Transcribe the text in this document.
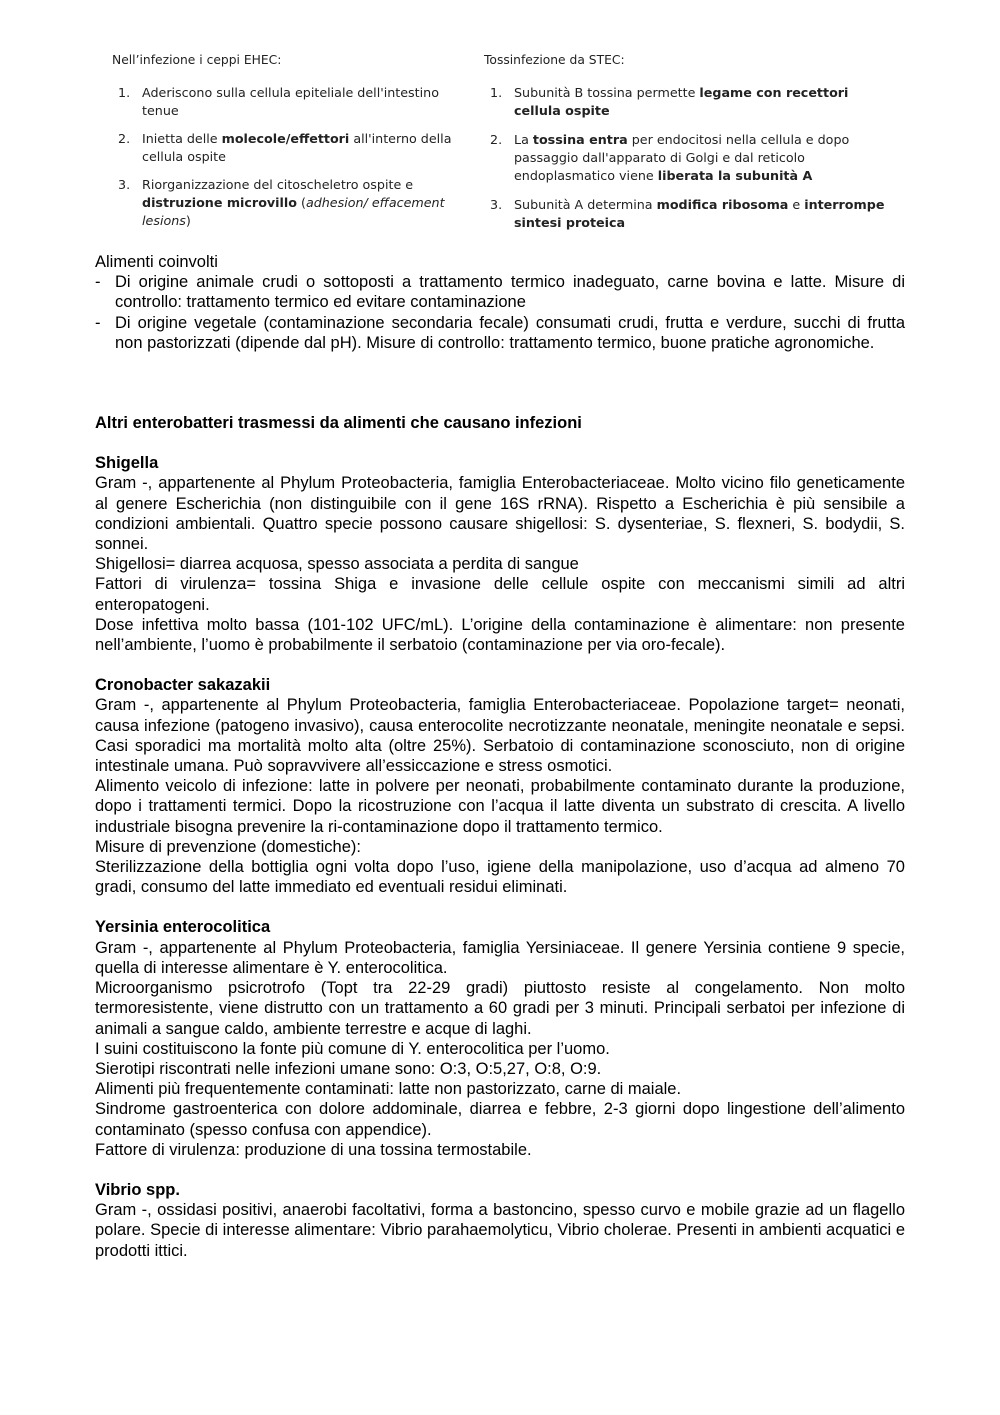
Nell’infezione i ceppi EHEC:

1. Aderiscono sulla cellula epiteliale dell'intestino tenue
2. Inietta delle molecole/effettori all'interno della cellula ospite
3. Riorganizzazione del citoscheletro ospite e distruzione microvillo (adhesion/ effacement lesions)

Tossinfezione da STEC:

1. Subunità B tossina permette legame con recettori cellula ospite
2. La tossina entra per endocitosi nella cellula e dopo passaggio dall'apparato di Golgi e dal reticolo endoplasmatico viene liberata la subunità A
3. Subunità A determina modifica ribosoma e interrompe sintesi proteica

Alimenti coinvolti

- Di origine animale crudi o sottoposti a trattamento termico inadeguato, carne bovina e latte. Misure di controllo: trattamento termico ed evitare contaminazione
- Di origine vegetale (contaminazione secondaria fecale) consumati crudi, frutta e verdure, succhi di frutta non pastorizzati (dipende dal pH). Misure di controllo: trattamento termico, buone pratiche agronomiche.

Altri enterobatteri trasmessi da alimenti che causano infezioni

Shigella

Gram -, appartenente al Phylum Proteobacteria, famiglia Enterobacteriaceae. Molto vicino filo geneticamente al genere Escherichia (non distinguibile con il gene 16S rRNA). Rispetto a Escherichia è più sensibile a condizioni ambientali. Quattro specie possono causare shigellosi: S. dysenteriae, S. flexneri, S. bodydii, S. sonnei.

Shigellosi= diarrea acquosa, spesso associata a perdita di sangue

Fattori di virulenza= tossina Shiga e invasione delle cellule ospite con meccanismi simili ad altri enteropatogeni.

Dose infettiva molto bassa (101-102 UFC/mL). L’origine della contaminazione è alimentare: non presente nell’ambiente, l’uomo è probabilmente il serbatoio (contaminazione per via oro-fecale).

Cronobacter sakazakii

Gram -, appartenente al Phylum Proteobacteria, famiglia Enterobacteriaceae. Popolazione target= neonati, causa infezione (patogeno invasivo), causa enterocolite necrotizzante neonatale, meningite neonatale e sepsi. Casi sporadici ma mortalità molto alta (oltre 25%). Serbatoio di contaminazione sconosciuto, non di origine intestinale umana. Può sopravvivere all’essiccazione e stress osmotici.

Alimento veicolo di infezione: latte in polvere per neonati, probabilmente contaminato durante la produzione, dopo i trattamenti termici. Dopo la ricostruzione con l’acqua il latte diventa un substrato di crescita. A livello industriale bisogna prevenire la ri-contaminazione dopo il trattamento termico.

Misure di prevenzione (domestiche):

Sterilizzazione della bottiglia ogni volta dopo l’uso, igiene della manipolazione, uso d’acqua ad almeno 70 gradi, consumo del latte immediato ed eventuali residui eliminati.

Yersinia enterocolitica

Gram -, appartenente al Phylum Proteobacteria, famiglia Yersiniaceae. Il genere Yersinia contiene 9 specie, quella di interesse alimentare è Y. enterocolitica.

Microorganismo psicrotrofo (Topt tra 22-29 gradi) piuttosto resiste al congelamento. Non molto termoresistente, viene distrutto con un trattamento a 60 gradi per 3 minuti. Principali serbatoi per infezione di animali a sangue caldo, ambiente terrestre e acque di laghi.

I suini costituiscono la fonte più comune di Y. enterocolitica per l’uomo.

Sierotipi riscontrati nelle infezioni umane sono: O:3, O:5,27, O:8, O:9.

Alimenti più frequentemente contaminati: latte non pastorizzato, carne di maiale.

Sindrome gastroenterica con dolore addominale, diarrea e febbre, 2-3 giorni dopo lingestione dell’alimento contaminato (spesso confusa con appendice).

Fattore di virulenza: produzione di una tossina termostabile.

Vibrio spp.

Gram -, ossidasi positivi, anaerobi facoltativi, forma a bastoncino, spesso curvo e mobile grazie ad un flagello polare. Specie di interesse alimentare: Vibrio parahaemolyticu, Vibrio cholerae. Presenti in ambienti acquatici e prodotti ittici.
